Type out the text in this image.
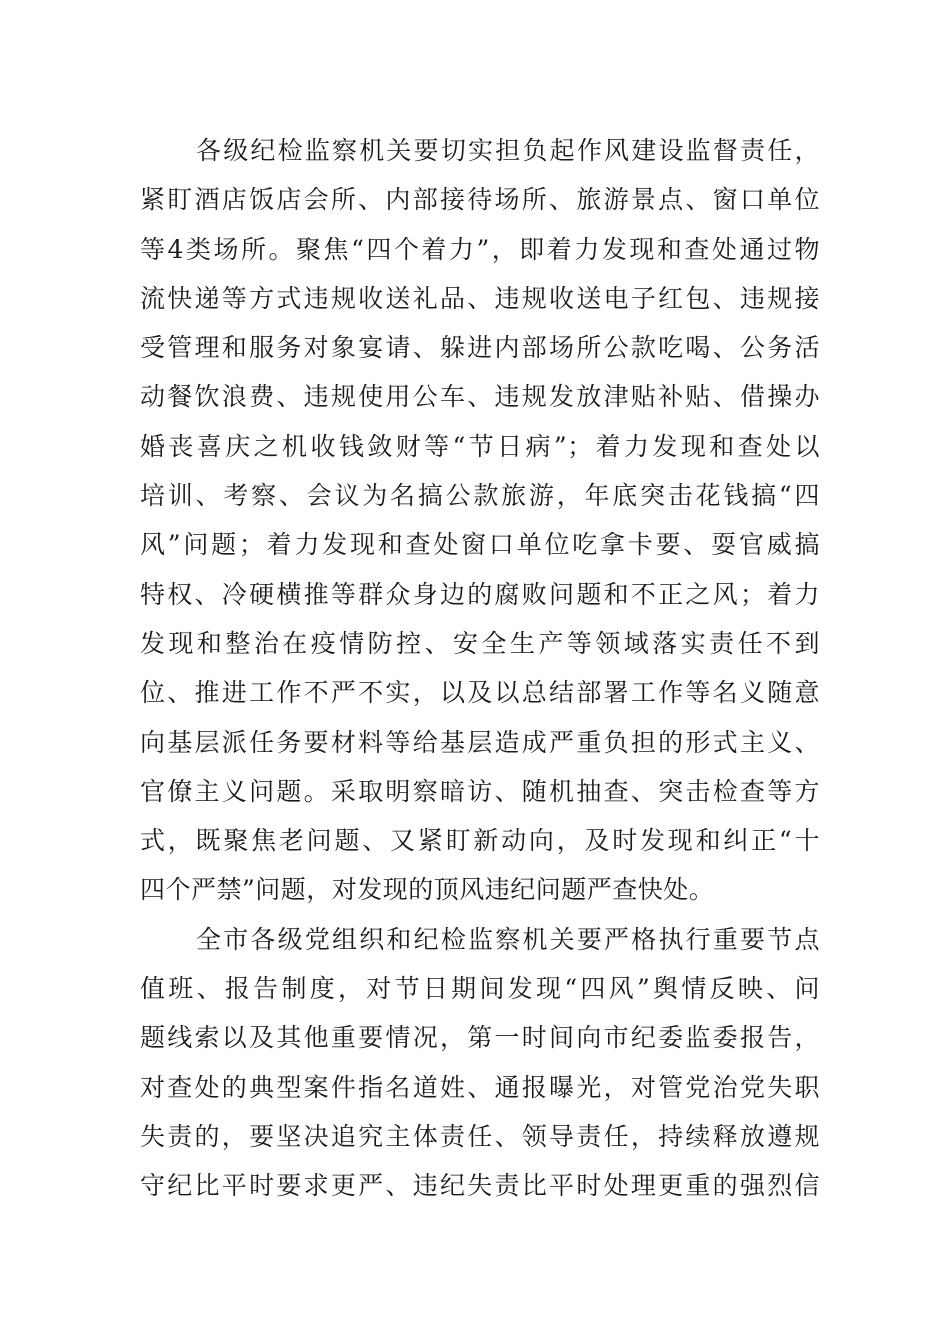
各级纪检监察机关要切实担负起作风建设监督责任，
紧盯酒店饭店会所、内部接待场所、旅游景点、窗口单位
等4类场所。聚焦“四个着力”，即着力发现和查处通过物
流快递等方式违规收送礼品、违规收送电子红包、违规接
受管理和服务对象宴请、躲进内部场所公款吃喝、公务活
动餐饮浪费、违规使用公车、违规发放津贴补贴、借操办
婚丧喜庆之机收钱敛财等“节日病”；着力发现和查处以
培训、考察、会议为名搞公款旅游，年底突击花钱搞“四
风”问题；着力发现和查处窗口单位吃拿卡要、耍官威搞
特权、冷硬横推等群众身边的腐败问题和不正之风；着力
发现和整治在疫情防控、安全生产等领域落实责任不到
位、推进工作不严不实，以及以总结部署工作等名义随意
向基层派任务要材料等给基层造成严重负担的形式主义、
官僚主义问题。采取明察暗访、随机抽查、突击检查等方
式，既聚焦老问题、又紧盯新动向，及时发现和纠正“十
四个严禁”问题，对发现的顶风违纪问题严查快处。
全市各级党组织和纪检监察机关要严格执行重要节点
值班、报告制度，对节日期间发现“四风”舆情反映、问
题线索以及其他重要情况，第一时间向市纪委监委报告，
对查处的典型案件指名道姓、通报曝光，对管党治党失职
失责的，要坚决追究主体责任、领导责任，持续释放遵规
守纪比平时要求更严、违纪失责比平时处理更重的强烈信
